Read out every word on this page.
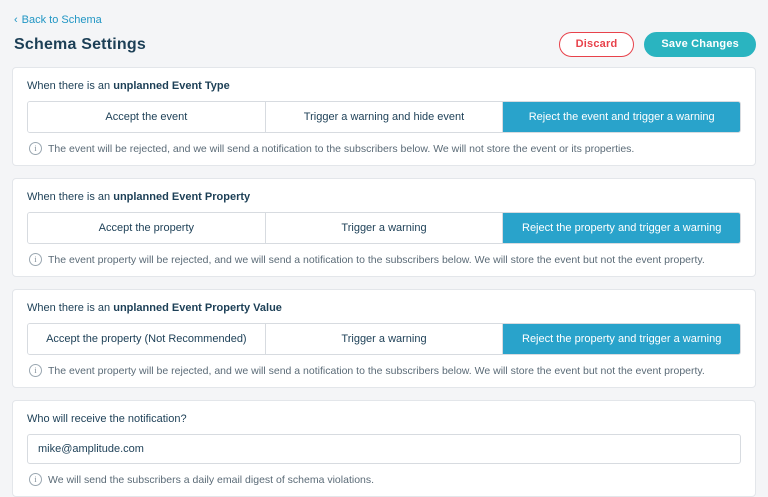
‹ Back to Schema
Schema Settings	Discard	Save Changes
When there is an unplanned Event Type
Accept the event	Trigger a warning and hide event	Reject the event and trigger a warning
i	The event will be rejected, and we will send a notification to the subscribers below. We will not store the event or its properties.
When there is an unplanned Event Property
Accept the property	Trigger a warning	Reject the property and trigger a warning
i	The event property will be rejected, and we will send a notification to the subscribers below. We will store the event but not the event property.
When there is an unplanned Event Property Value
Accept the property (Not Recommended)	Trigger a warning	Reject the property and trigger a warning
i	The event property will be rejected, and we will send a notification to the subscribers below. We will store the event but not the event property.
Who will receive the notification?
mike@amplitude.com
i	We will send the subscribers a daily email digest of schema violations.
